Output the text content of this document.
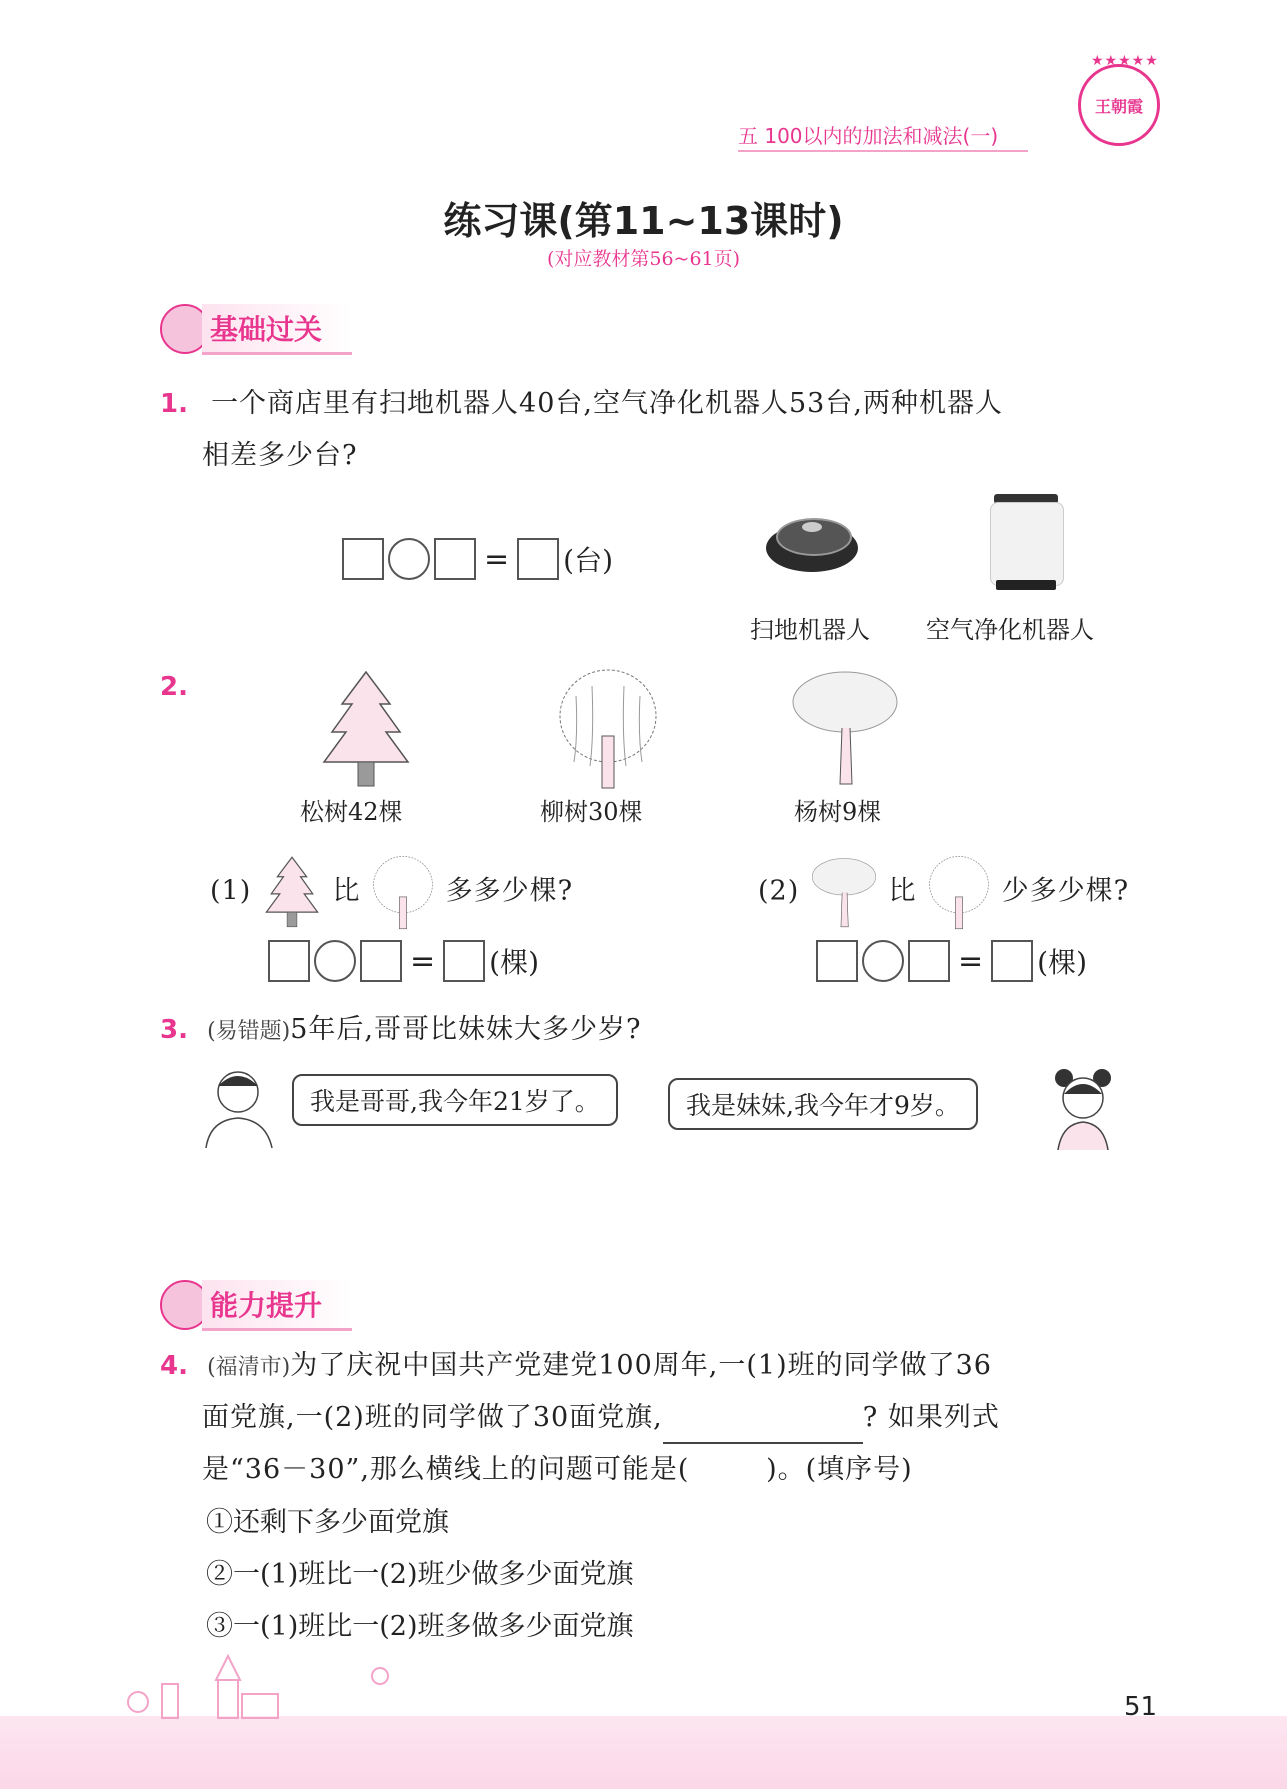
五 100以内的加法和减法(一)
★★★★★
王朝霞
练习课(第11~13课时)
(对应教材第56~61页)
基础过关
1. 一个商店里有扫地机器人40台,空气净化机器人53台,两种机器人
相差多少台?
= (台)
扫地机器人 空气净化机器人
2.
松树42棵	柳树30棵	杨树9棵
(1)	比	多多少棵?
= (棵)
(2)	比	少多少棵?
= (棵)
3. (易错题)5年后,哥哥比妹妹大多少岁?
我是哥哥,我今年21岁了。	我是妹妹,我今年才9岁。
能力提升
4. (福清市)为了庆祝中国共产党建党100周年,一(1)班的同学做了36
面党旗,一(2)班的同学做了30面党旗,	? 如果列式
是“36－30”,那么横线上的问题可能是(        )。(填序号)
①还剩下多少面党旗
②一(1)班比一(2)班少做多少面党旗
③一(1)班比一(2)班多做多少面党旗
51
